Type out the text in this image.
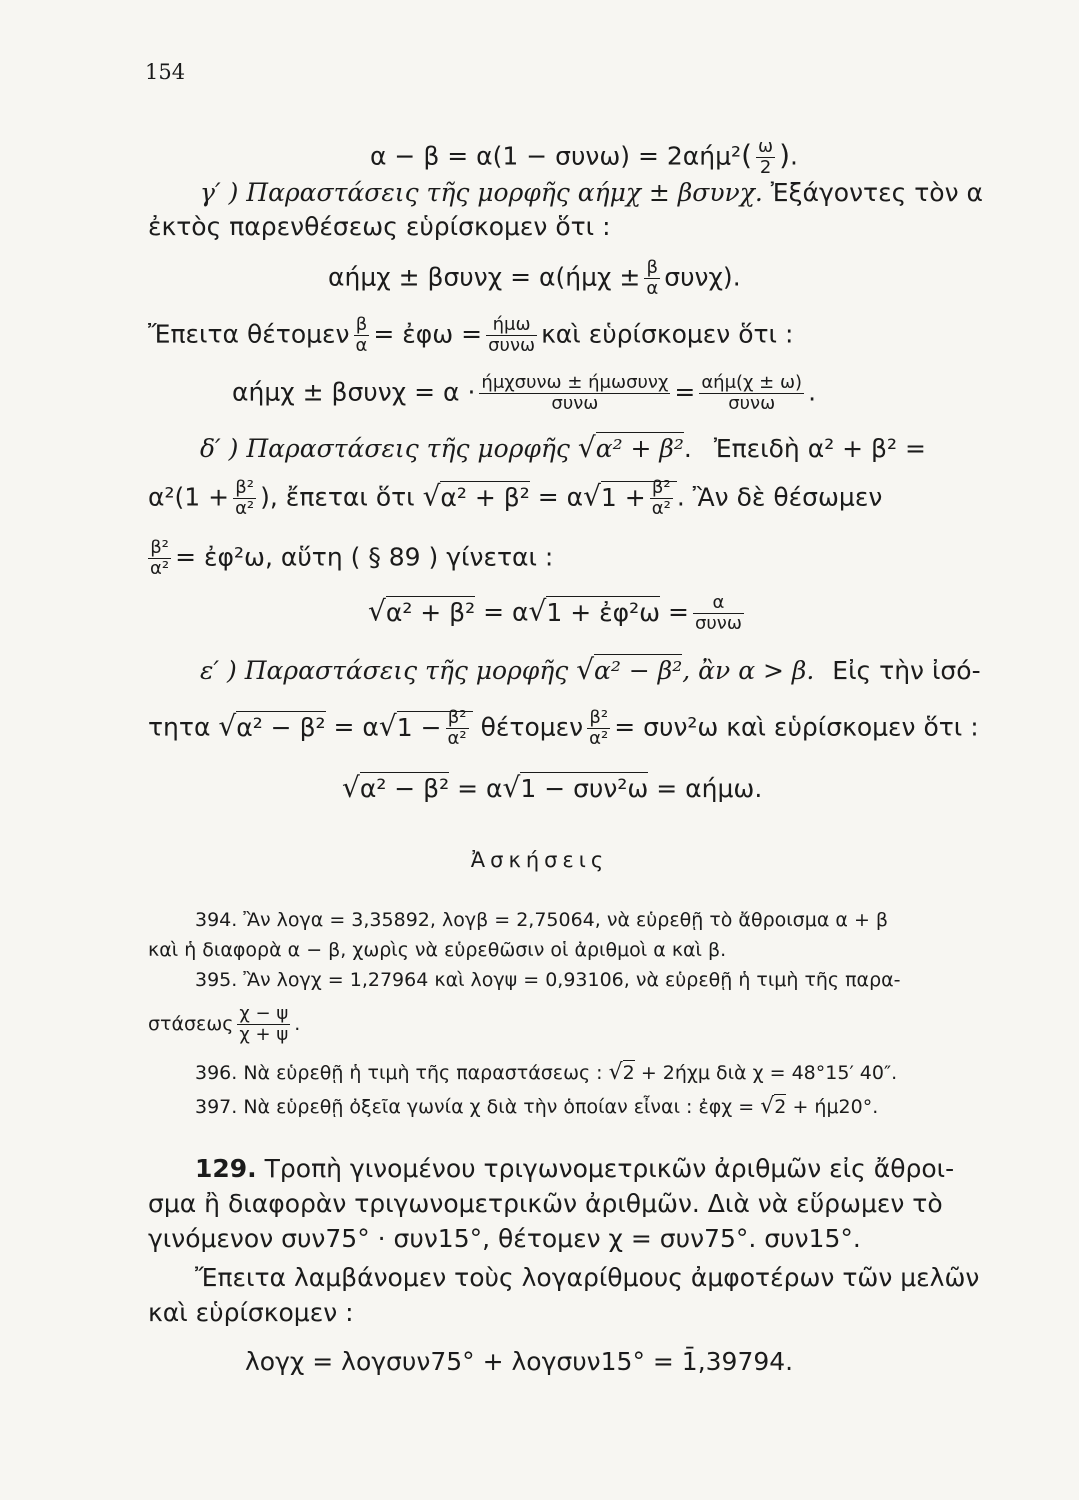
154
$\alpha - \beta = \alpha(1 - \sigma\upsilon\nu\omega) = 2\alpha ή\mu^2( \frac{\omega}{2}$ ).
γ′ ) Παραστάσεις τῆς μορφῆς αήμχ ± βσυνχ. Ἐξάγοντες τὸν α
ἐκτὸς παρενθέσεως εὑρίσκομεν ὅτι :
$\alpha ή\mu\chi \pm \beta\sigma\upsilon\nu\chi = \alpha(ή\mu\chi \pm \frac{\beta}{\alpha} \sigma\upsilon\nu\chi)$.
Ἔπειτα θέτομεν $\frac{\beta}{\alpha}$ = ἐφω = $\frac{\text{ήμω}}{\text{συνω}}$ καὶ εὑρίσκομεν ὅτι :
$\alpha ή\mu\chi \pm \beta\sigma\upsilon\nu\chi = \alpha \cdot \frac{\text{ήμχσυνω ± ήμωσυνχ}}{\text{συνω}} = \frac{\text{αήμ(χ ± ω)}}{\text{συνω}}$ .
δ′ ) Παραστάσεις τῆς μορφῆς √α² + β². Ἐπειδὴ α² + β² =
$\alpha^2(1 + \frac{\text{β²}}{\text{α²}}$ ), ἔπεται ὅτι $√\alpha^2 + \beta^2 = \alpha√1 + \frac{\text{β²}}{\text{α²}}$ . Ἂν δὲ θέσωμεν
$\frac{\text{β²}}{\text{α²}}$ = ἐφ²ω, αὕτη ( § 89 ) γίνεται :
√α² + β² = α√1 + ἐφ²ω = $\frac{\alpha}{\text{συνω}}$
ε′ ) Παραστάσεις τῆς μορφῆς √α² − β², ἂν α > β. Εἰς τὴν ἰσό-
τητα $√\alpha^2 - \beta^2 = \alpha√1 - \frac{\text{β²}}{\text{α²}}$ θέτομεν $\frac{\text{β²}}{\text{α²}} = \sigma\upsilon\nu^2\omega$ καὶ εὑρίσκομεν ὅτι :
√α² − β² = α√1 − συν²ω = αήμω.
Ἀσκήσεις
394. Ἂν λογα = 3,35892, λογβ = 2,75064, νὰ εὑρεθῇ τὸ ἄθροισμα α + β
καὶ ἡ διαφορὰ α − β, χωρὶς νὰ εὑρεθῶσιν οἱ ἀριθμοὶ α καὶ β.
395. Ἂν λογχ = 1,27964 καὶ λογψ = 0,93106, νὰ εὑρεθῇ ἡ τιμὴ τῆς παρα-
στάσεως $\frac{\chi - \psi}{\chi + \psi}$ .
396. Νὰ εὑρεθῇ ἡ τιμὴ τῆς παραστάσεως : √2 + 2ήχμ διὰ χ = 48°15′ 40″.
397. Νὰ εὑρεθῇ ὀξεῖα γωνία χ διὰ τὴν ὁποίαν εἶναι : ἐφχ = √2 + ήμ20°.
129. Τροπὴ γινομένου τριγωνομετρικῶν ἀριθμῶν εἰς ἄθροι-
σμα ἢ διαφορὰν τριγωνομετρικῶν ἀριθμῶν. Διὰ νὰ εὕρωμεν τὸ
γινόμενον συν75° · συν15°, θέτομεν χ = συν75°. συν15°.
Ἔπειτα λαμβάνομεν τοὺς λογαρίθμους ἀμφοτέρων τῶν μελῶν
καὶ εὑρίσκομεν :
λογχ = λογσυν75° + λογσυν15° = 1̄,39794.
